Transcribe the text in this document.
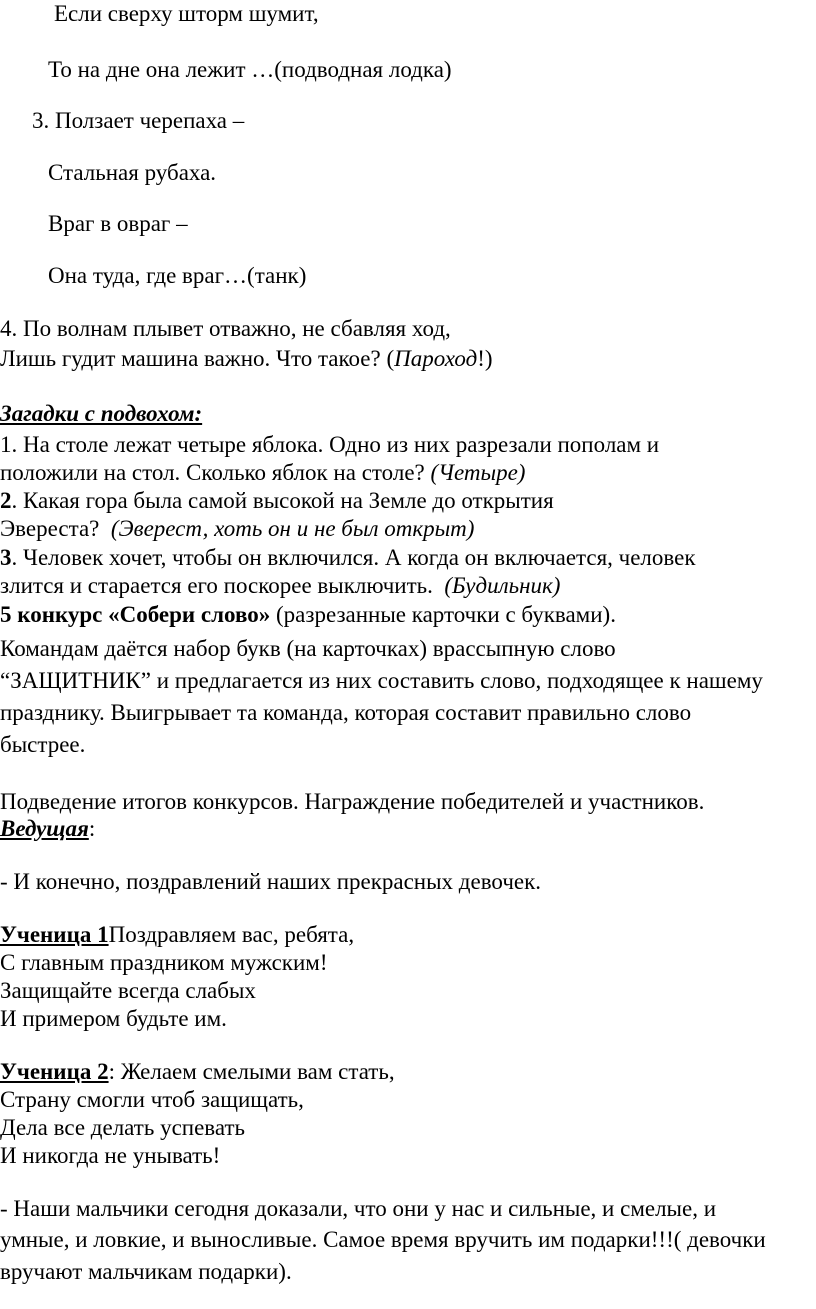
Если сверху шторм шумит,
То на дне она лежит …(подводная лодка)
3. Ползает черепаха –
Стальная рубаха.
Враг в овраг –
Она туда, где враг…(танк)
4. По волнам плывет отважно, не сбавляя ход,
Лишь гудит машина важно. Что такое? (Пароход!)
Загадки с подвохом:
1. На столе лежат четыре яблока. Одно из них разрезали пополам и
положили на стол. Сколько яблок на столе? (Четыре)
2. Какая гора была самой высокой на Земле до открытия
Эвереста? (Эверест, хоть он и не был открыт)
3. Человек хочет, чтобы он включился. А когда он включается, человек
злится и старается его поскорее выключить. (Будильник)
5 конкурс «Собери слово» (разрезанные карточки с буквами).
Командам даётся набор букв (на карточках) врассыпную слово
“ЗАЩИТНИК” и предлагается из них составить слово, подходящее к нашему
празднику. Выигрывает та команда, которая составит правильно слово
быстрее.
Подведение итогов конкурсов. Награждение победителей и участников.
Ведущая:
- И конечно, поздравлений наших прекрасных девочек.
Ученица 1Поздравляем вас, ребята,
С главным праздником мужским!
Защищайте всегда слабых
И примером будьте им.
Ученица 2: Желаем смелыми вам стать,
Страну смогли чтоб защищать,
Дела все делать успевать
И никогда не унывать!
- Наши мальчики сегодня доказали, что они у нас и сильные, и смелые, и
умные, и ловкие, и выносливые. Самое время вручить им подарки!!!( девочки
вручают мальчикам подарки).
